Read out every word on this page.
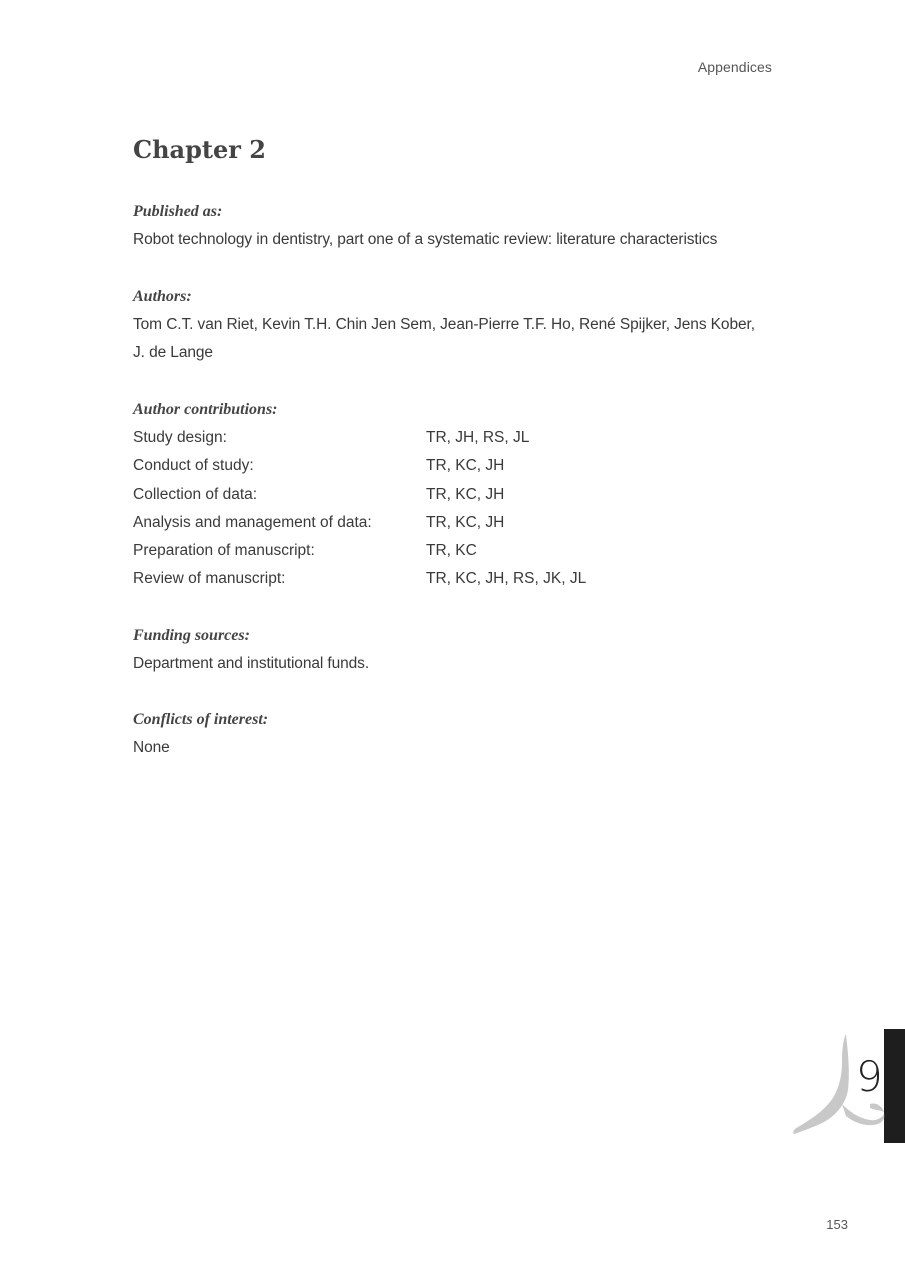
Appendices
Chapter 2

Published as:

Robot technology in dentistry, part one of a systematic review: literature characteristics

Authors:

Tom C.T. van Riet, Kevin T.H. Chin Jen Sem, Jean-Pierre T.F. Ho, René Spijker, Jens Kober,

J. de Lange

Author contributions:

Study design:	TR, JH, RS, JL
Conduct of study:	TR, KC, JH
Collection of data:	TR, KC, JH
Analysis and management of data:	TR, KC, JH
Preparation of manuscript:	TR, KC
Review of manuscript:	TR, KC, JH, RS, JK, JL

Funding sources:

Department and institutional funds.

Conflicts of interest:

None

9
153
